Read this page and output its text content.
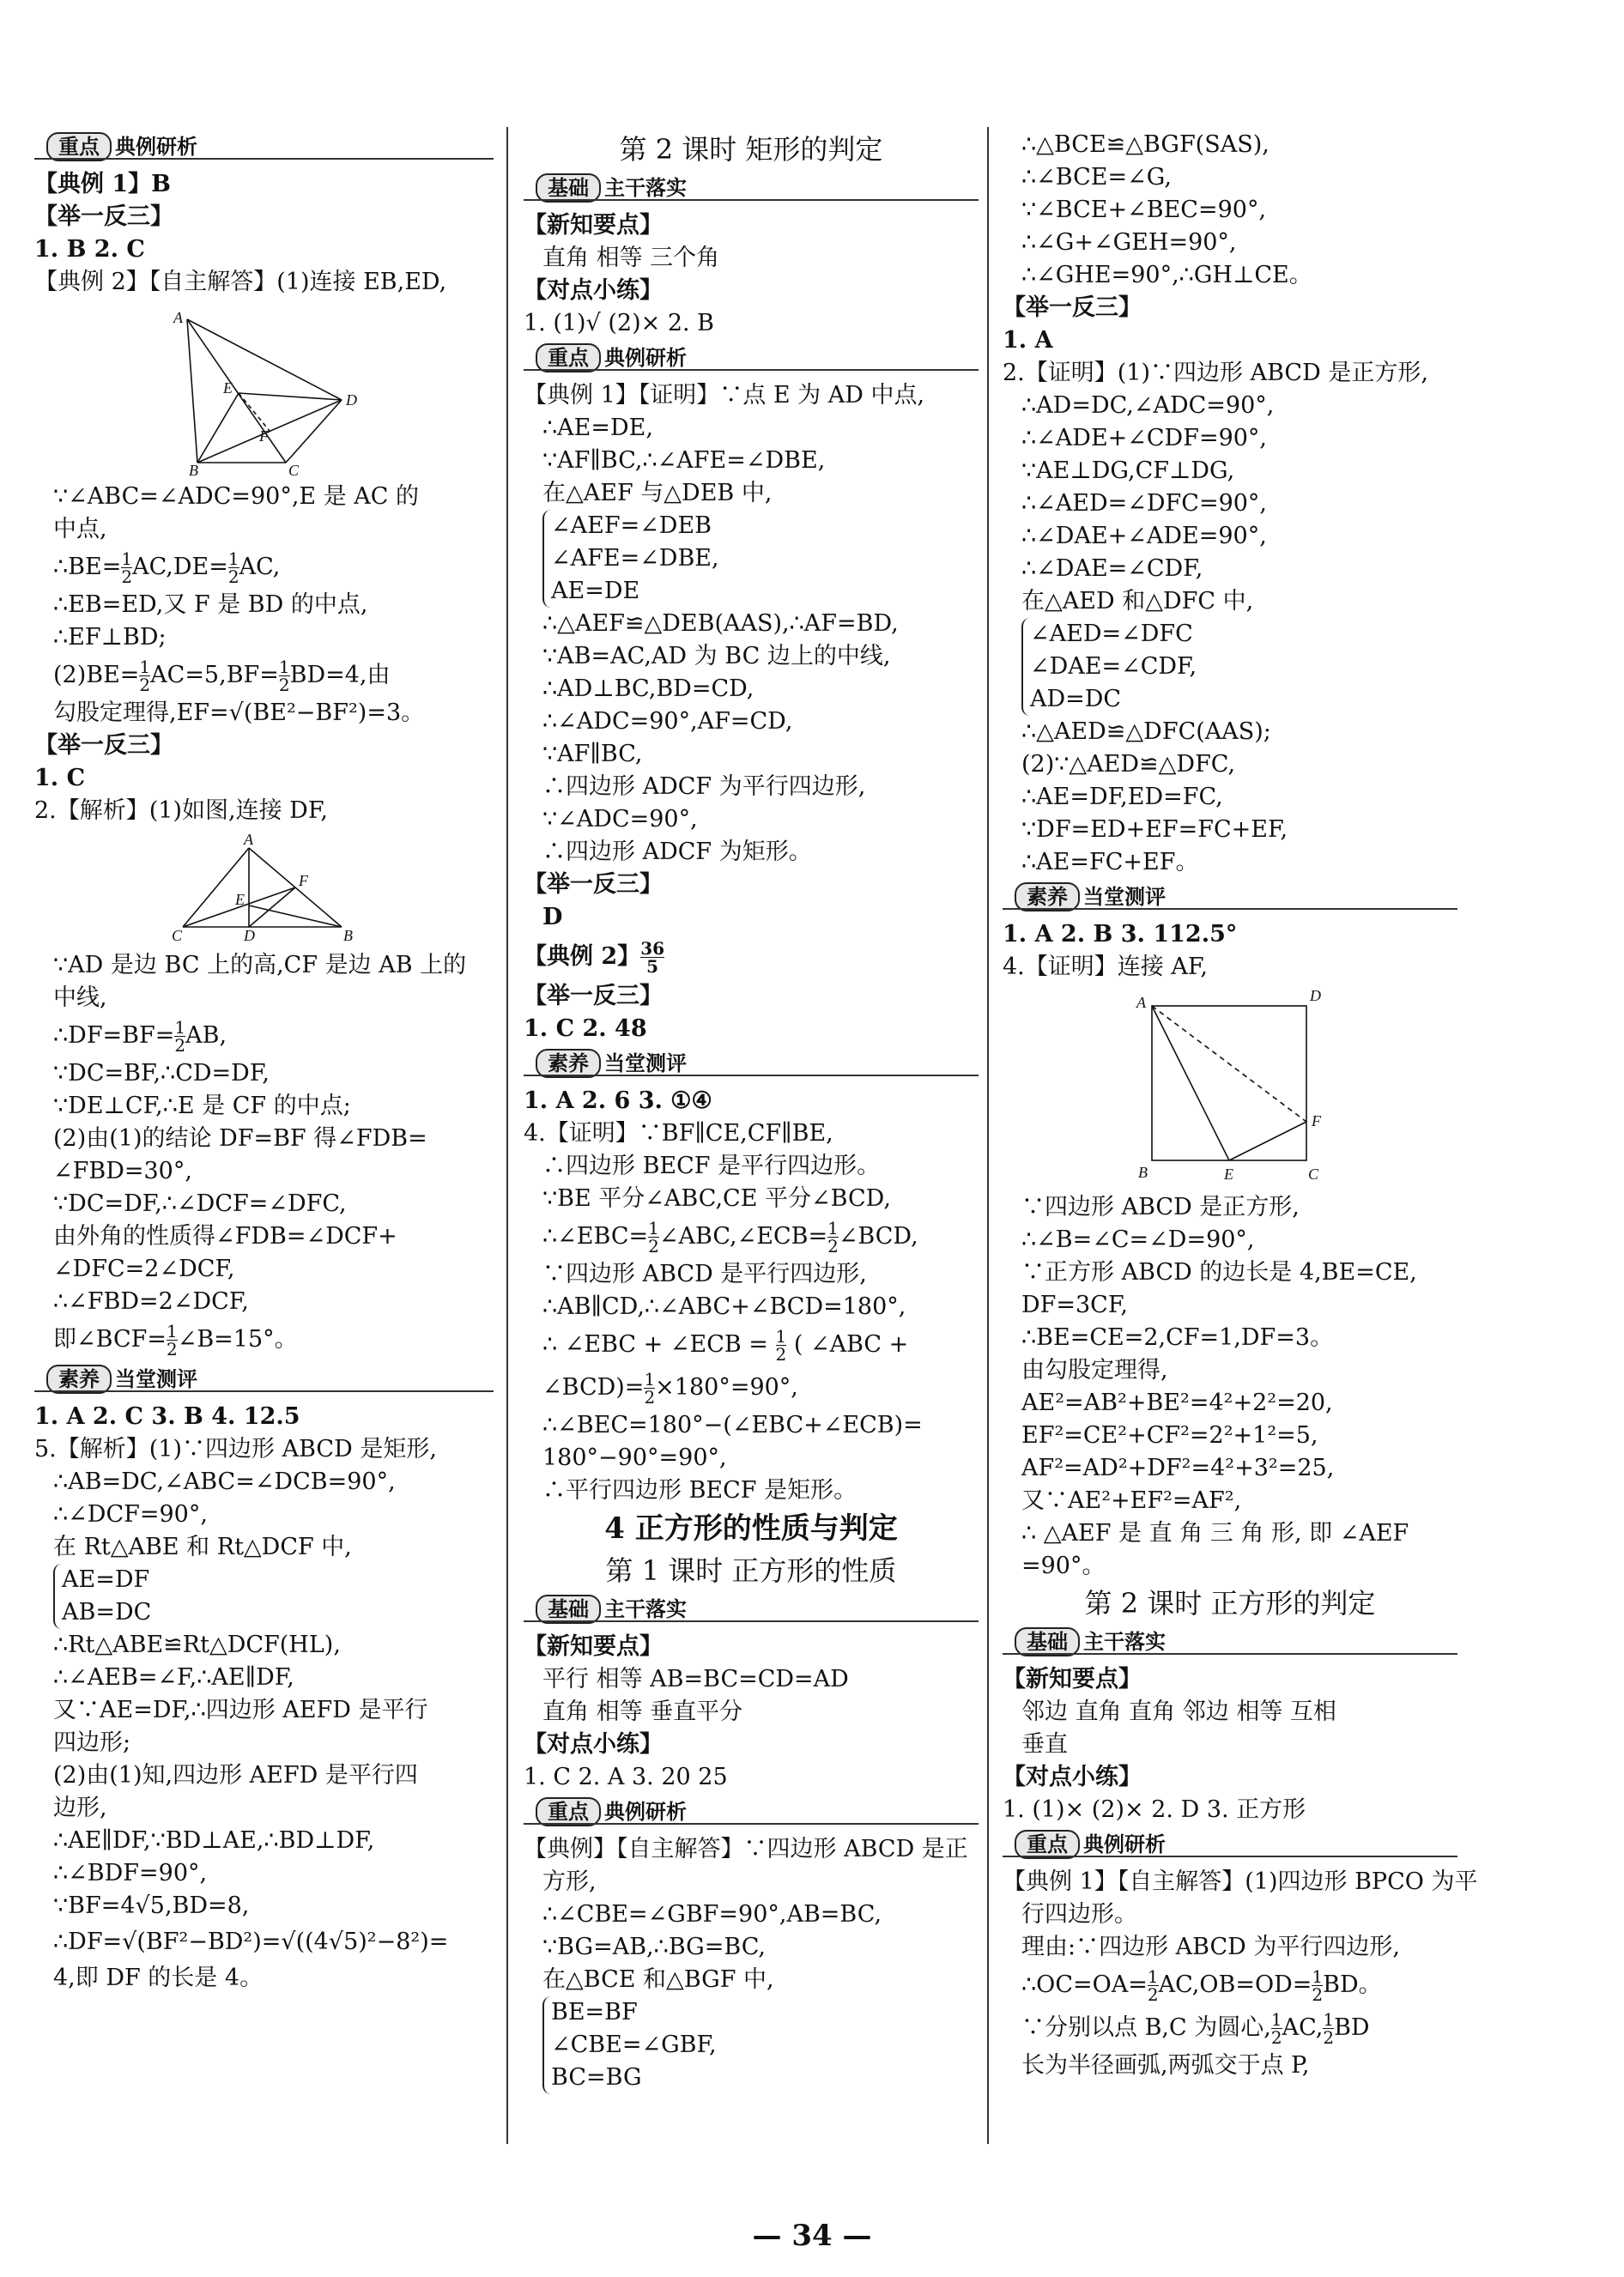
重点 典例研析
【典例 1】B
【举一反三】
1. B 2. C
【典例 2】【自主解答】(1)连接 EB,ED,
A
E
D
F
B	C
∵∠ABC=∠ADC=90°,E 是 AC 的
中点,
∴BE= $\frac{1}{2} AC,DE= \frac{1}{2}$ AC,
∴EB=ED,又 F 是 BD 的中点,
∴EF⊥BD;
$(2)BE= \frac{1}{2} AC=5,BF= \frac{1}{2} BD=4$,由
勾股定理得,EF=√(BE²−BF²)=3。
【举一反三】
1. C
2.【解析】(1)如图,连接 DF,
A
F
E
C	D	B
∵AD 是边 BC 上的高,CF 是边 AB 上的
中线,
∴DF=BF= $\frac{1}{2}$ AB,
∵DC=BF,∴CD=DF,
∵DE⊥CF,∴E 是 CF 的中点;
(2)由(1)的结论 DF=BF 得∠FDB=
∠FBD=30°,
∵DC=DF,∴∠DCF=∠DFC,
由外角的性质得∠FDB=∠DCF+
∠DFC=2∠DCF,
∴∠FBD=2∠DCF,
即∠BCF= $\frac{1}{2}$ ∠B=15°。
素养 当堂测评
1. A 2. C 3. B 4. 12.5
5.【解析】(1)∵四边形 ABCD 是矩形,
∴AB=DC,∠ABC=∠DCB=90°,
∴∠DCF=90°,
在 Rt△ABE 和 Rt△DCF 中,
AE=DF
AB=DC
∴Rt△ABE≌Rt△DCF(HL),
∴∠AEB=∠F,∴AE∥DF,
又∵AE=DF,∴四边形 AEFD 是平行
四边形;
(2)由(1)知,四边形 AEFD 是平行四
边形,
∴AE∥DF,∵BD⊥AE,∴BD⊥DF,
∴∠BDF=90°,
∵BF=4√5,BD=8,
∴DF=√(BF²−BD²)=√((4√5)²−8²)=
4,即 DF 的长是 4。
第 2 课时 矩形的判定
基础 主干落实
【新知要点】
直角 相等 三个角
【对点小练】
1. (1)√ (2)× 2. B
重点 典例研析
【典例 1】【证明】∵点 E 为 AD 中点,
∴AE=DE,
∵AF∥BC,∴∠AFE=∠DBE,
在△AEF 与△DEB 中,
∠AEF=∠DEB
∠AFE=∠DBE,
AE=DE
∴△AEF≌△DEB(AAS),∴AF=BD,
∵AB=AC,AD 为 BC 边上的中线,
∴AD⊥BC,BD=CD,
∴∠ADC=90°,AF=CD,
∵AF∥BC,
∴四边形 ADCF 为平行四边形,
∵∠ADC=90°,
∴四边形 ADCF 为矩形。
【举一反三】
D
【典例 2】 $\frac{36}{5}$
【举一反三】
1. C 2. 48
素养 当堂测评
1. A 2. 6 3. ①④
4.【证明】∵BF∥CE,CF∥BE,
∴四边形 BECF 是平行四边形。
∵BE 平分∠ABC,CE 平分∠BCD,
∴∠EBC= $\frac{1}{2}$ ∠ABC,∠ECB= $\frac{1}{2}$ ∠BCD,
∵四边形 ABCD 是平行四边形,
∴AB∥CD,∴∠ABC+∠BCD=180°,
∴ ∠EBC + ∠ECB = $\frac{1}{2}$ ( ∠ABC +
∠BCD)= $\frac{1}{2} \times 180^\circ=90^\circ$,
∴∠BEC=180°−(∠EBC+∠ECB)=
180°−90°=90°,
∴平行四边形 BECF 是矩形。
4 正方形的性质与判定
第 1 课时 正方形的性质
基础 主干落实
【新知要点】
平行 相等 AB=BC=CD=AD
直角 相等 垂直平分
【对点小练】
1. C 2. A 3. 20 25
重点 典例研析
【典例】【自主解答】∵四边形 ABCD 是正
方形,
∴∠CBE=∠GBF=90°,AB=BC,
∵BG=AB,∴BG=BC,
在△BCE 和△BGF 中,
BE=BF
∠CBE=∠GBF,
BC=BG
∴△BCE≌△BGF(SAS),
∴∠BCE=∠G,
∵∠BCE+∠BEC=90°,
∴∠G+∠GEH=90°,
∴∠GHE=90°,∴GH⊥CE。
【举一反三】
1. A
2.【证明】(1)∵四边形 ABCD 是正方形,
∴AD=DC,∠ADC=90°,
∴∠ADE+∠CDF=90°,
∵AE⊥DG,CF⊥DG,
∴∠AED=∠DFC=90°,
∴∠DAE+∠ADE=90°,
∴∠DAE=∠CDF,
在△AED 和△DFC 中,
∠AED=∠DFC
∠DAE=∠CDF,
AD=DC
∴△AED≌△DFC(AAS);
(2)∵△AED≌△DFC,
∴AE=DF,ED=FC,
∵DF=ED+EF=FC+EF,
∴AE=FC+EF。
素养 当堂测评
1. A 2. B 3. 112.5°
4.【证明】连接 AF,
A	D
F
B	E	C
∵四边形 ABCD 是正方形,
∴∠B=∠C=∠D=90°,
∵正方形 ABCD 的边长是 4,BE=CE,
DF=3CF,
∴BE=CE=2,CF=1,DF=3。
由勾股定理得,
AE²=AB²+BE²=4²+2²=20,
EF²=CE²+CF²=2²+1²=5,
AF²=AD²+DF²=4²+3²=25,
又∵AE²+EF²=AF²,
∴ △AEF 是 直 角 三 角 形, 即 ∠AEF
=90°。
第 2 课时 正方形的判定
基础 主干落实
【新知要点】
邻边 直角 直角 邻边 相等 互相
垂直
【对点小练】
1. (1)× (2)× 2. D 3. 正方形
重点 典例研析
【典例 1】【自主解答】(1)四边形 BPCO 为平
行四边形。
理由:∵四边形 ABCD 为平行四边形,
∴OC=OA= $\frac{1}{2} AC,OB=OD= \frac{1}{2}$ BD。
∵分别以点 B,C 为圆心, $\frac{1}{2}$ AC, $\frac{1}{2}$ BD
长为半径画弧,两弧交于点 P,
— 34 —
